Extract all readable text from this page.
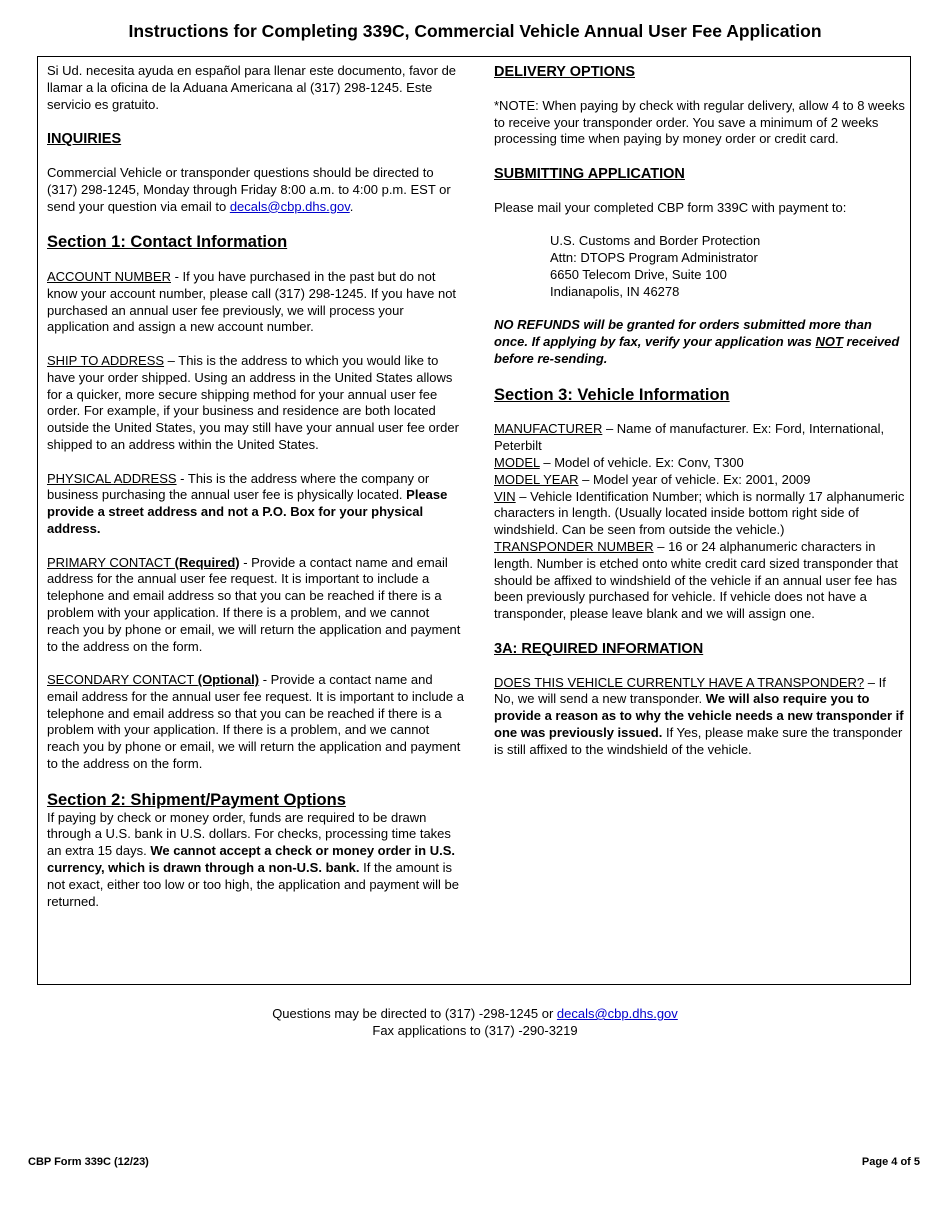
Instructions for Completing 339C, Commercial Vehicle Annual User Fee Application

Si Ud. necesita ayuda en español para llenar este documento, favor de llamar a la oficina de la Aduana Americana al (317) 298-1245. Este servicio es gratuito.

INQUIRIES

Commercial Vehicle or transponder questions should be directed to (317) 298-1245, Monday through Friday 8:00 a.m. to 4:00 p.m. EST or send your question via email to decals@cbp.dhs.gov.

Section 1: Contact Information

ACCOUNT NUMBER - If you have purchased in the past but do not know your account number, please call (317) 298-1245. If you have not purchased an annual user fee previously, we will process your application and assign a new account number.

SHIP TO ADDRESS – This is the address to which you would like to have your order shipped. Using an address in the United States allows for a quicker, more secure shipping method for your annual user fee order. For example, if your business and residence are both located outside the United States, you may still have your annual user fee order shipped to an address within the United States.

PHYSICAL ADDRESS - This is the address where the company or business purchasing the annual user fee is physically located. Please provide a street address and not a P.O. Box for your physical address.

PRIMARY CONTACT (Required) - Provide a contact name and email address for the annual user fee request. It is important to include a telephone and email address so that you can be reached if there is a problem with your application. If there is a problem, and we cannot reach you by phone or email, we will return the application and payment to the address on the form.

SECONDARY CONTACT (Optional) - Provide a contact name and email address for the annual user fee request. It is important to include a telephone and email address so that you can be reached if there is a problem with your application. If there is a problem, and we cannot reach you by phone or email, we will return the application and payment to the address on the form.

Section 2: Shipment/Payment Options

If paying by check or money order, funds are required to be drawn through a U.S. bank in U.S. dollars. For checks, processing time takes an extra 15 days. We cannot accept a check or money order in U.S. currency, which is drawn through a non-U.S. bank. If the amount is not exact, either too low or too high, the application and payment will be returned.

DELIVERY OPTIONS

*NOTE: When paying by check with regular delivery, allow 4 to 8 weeks to receive your transponder order. You save a minimum of 2 weeks processing time when paying by money order or credit card.

SUBMITTING APPLICATION

Please mail your completed CBP form 339C with payment to:

U.S. Customs and Border Protection
Attn: DTOPS Program Administrator
6650 Telecom Drive, Suite 100
Indianapolis, IN 46278

NO REFUNDS will be granted for orders submitted more than once. If applying by fax, verify your application was NOT received before re-sending.

Section 3: Vehicle Information

MANUFACTURER – Name of manufacturer. Ex: Ford, International, Peterbilt

MODEL – Model of vehicle. Ex: Conv, T300

MODEL YEAR – Model year of vehicle. Ex: 2001, 2009

VIN – Vehicle Identification Number; which is normally 17 alphanumeric characters in length. (Usually located inside bottom right side of windshield. Can be seen from outside the vehicle.)

TRANSPONDER NUMBER – 16 or 24 alphanumeric characters in length. Number is etched onto white credit card sized transponder that should be affixed to windshield of the vehicle if an annual user fee has been previously purchased for vehicle. If vehicle does not have a transponder, please leave blank and we will assign one.

3A: REQUIRED INFORMATION

DOES THIS VEHICLE CURRENTLY HAVE A TRANSPONDER? – If No, we will send a new transponder. We will also require you to provide a reason as to why the vehicle needs a new transponder if one was previously issued. If Yes, please make sure the transponder is still affixed to the windshield of the vehicle.

Questions may be directed to (317) -298-1245 or decals@cbp.dhs.gov
Fax applications to (317) -290-3219
CBP Form 339C (12/23)	Page 4 of 5
